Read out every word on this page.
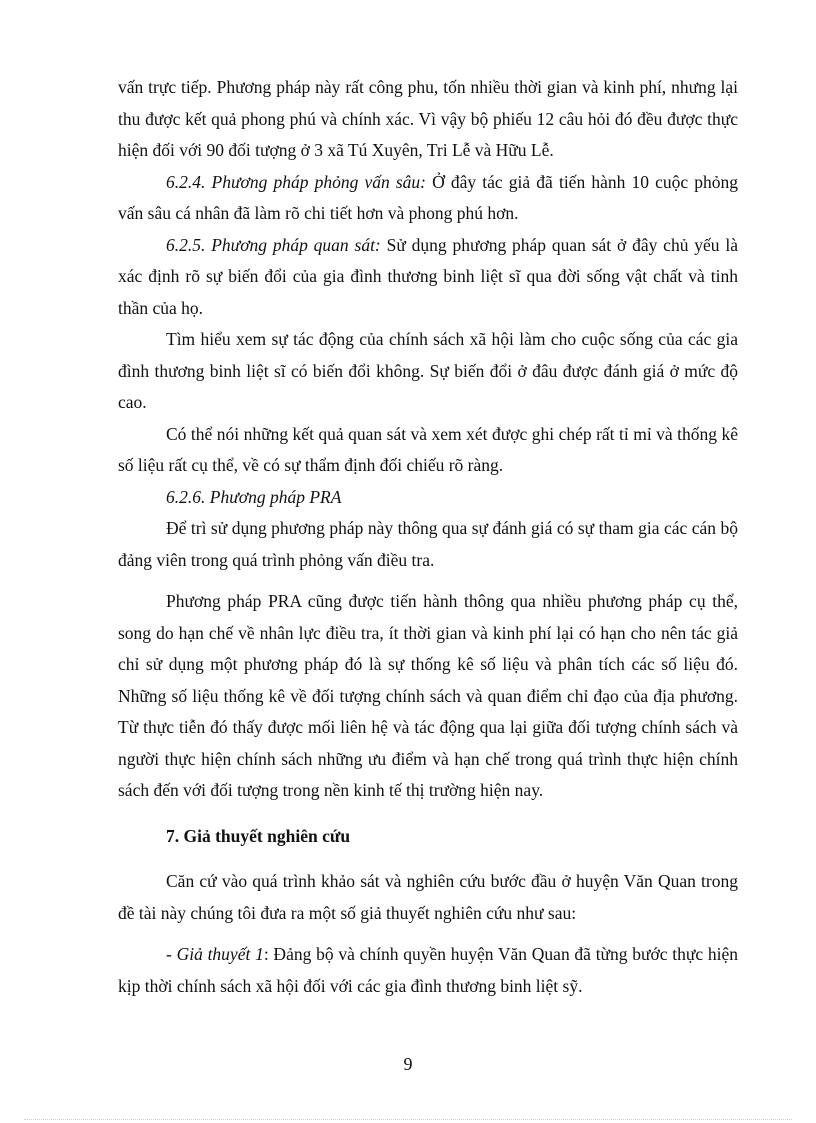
vấn trực tiếp. Phương pháp này rất công phu, tốn nhiều thời gian và kinh phí, nhưng lại thu được kết quả phong phú và chính xác. Vì vậy bộ phiếu 12 câu hỏi đó đều được thực hiện đối với 90 đối tượng ở 3 xã Tú Xuyên, Tri Lễ và Hữu Lễ.

6.2.4. Phương pháp phỏng vấn sâu: Ở đây tác giả đã tiến hành 10 cuộc phỏng vấn sâu cá nhân đã làm rõ chi tiết hơn và phong phú hơn.

6.2.5. Phương pháp quan sát: Sử dụng phương pháp quan sát ở đây chủ yếu là xác định rõ sự biến đổi của gia đình thương binh liệt sĩ qua đời sống vật chất và tinh thần của họ.

Tìm hiểu xem sự tác động của chính sách xã hội làm cho cuộc sống của các gia đình thương binh liệt sĩ có biến đổi không. Sự biến đổi ở đâu được đánh giá ở mức độ cao.

Có thể nói những kết quả quan sát và xem xét được ghi chép rất tỉ mỉ và thống kê số liệu rất cụ thể, về có sự thẩm định đối chiếu rõ ràng.

6.2.6. Phương pháp PRA

Để trì sử dụng phương pháp này thông qua sự đánh giá có sự tham gia các cán bộ đảng viên trong quá trình phỏng vấn điều tra.

Phương pháp PRA cũng được tiến hành thông qua nhiều phương pháp cụ thể, song do hạn chế về nhân lực điều tra, ít thời gian và kinh phí lại có hạn cho nên tác giả chỉ sử dụng một phương pháp đó là sự thống kê số liệu và phân tích các số liệu đó. Những số liệu thống kê về đối tượng chính sách và quan điểm chỉ đạo của địa phương. Từ thực tiễn đó thấy được mối liên hệ và tác động qua lại giữa đối tượng chính sách và người thực hiện chính sách những ưu điểm và hạn chế trong quá trình thực hiện chính sách đến với đối tượng trong nền kinh tế thị trường hiện nay.

7. Giả thuyết nghiên cứu

Căn cứ vào quá trình khảo sát và nghiên cứu bước đầu ở huyện Văn Quan trong đề tài này chúng tôi đưa ra một số giả thuyết nghiên cứu như sau:

- Giả thuyết 1: Đảng bộ và chính quyền huyện Văn Quan đã từng bước thực hiện kịp thời chính sách xã hội đối với các gia đình thương binh liệt sỹ.

9
